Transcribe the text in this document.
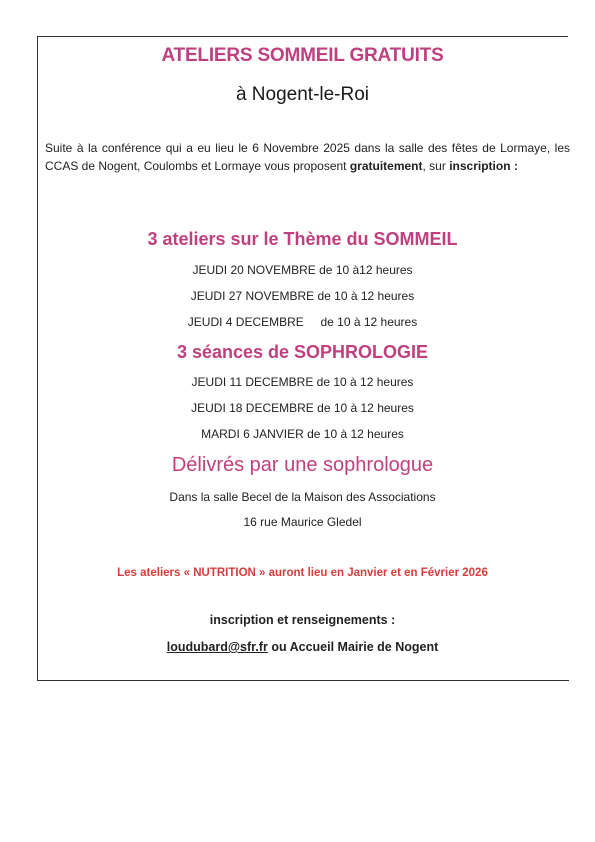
ATELIERS SOMMEIL GRATUITS
à Nogent-le-Roi
Suite à la conférence qui a eu lieu le 6 Novembre 2025 dans la salle des fêtes de Lormaye, les CCAS de Nogent, Coulombs et Lormaye vous proposent gratuitement, sur inscription :
3 ateliers sur le Thème du SOMMEIL
JEUDI 20 NOVEMBRE de 10 à12 heures
JEUDI 27 NOVEMBRE de 10 à 12 heures
JEUDI 4 DECEMBRE     de 10 à 12 heures
3 séances de SOPHROLOGIE
JEUDI 11 DECEMBRE de 10 à 12 heures
JEUDI 18 DECEMBRE de 10 à 12 heures
MARDI 6 JANVIER de 10 à 12 heures
Délivrés par une sophrologue
Dans la salle Becel de la Maison des Associations
16 rue Maurice Gledel
Les ateliers « NUTRITION » auront lieu en Janvier et en Février 2026
inscription et renseignements :
loudubard@sfr.fr ou Accueil Mairie de Nogent
